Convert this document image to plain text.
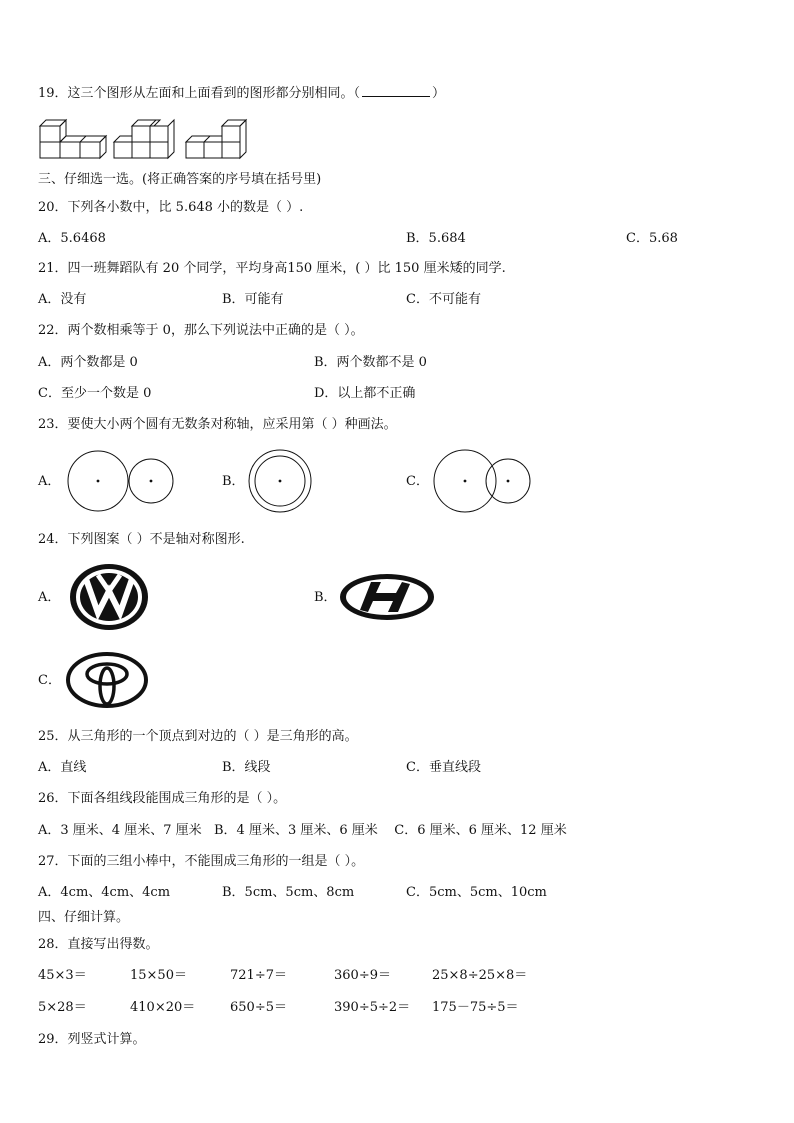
19．这三个图形从左面和上面看到的图形都分别相同。（	）
三、仔细选一选。(将正确答案的序号填在括号里)
20．下列各小数中，比 5.648 小的数是（ ）.
A．5.6468	B．5.684	C．5.68
21．四一班舞蹈队有 20 个同学，平均身高150 厘米，( ）比 150 厘米矮的同学.
A．没有	B．可能有	C．不可能有
22．两个数相乘等于 0，那么下列说法中正确的是（ ）。
A．两个数都是 0	B．两个数都不是 0
C．至少一个数是 0	D．以上都不正确
23．要使大小两个圆有无数条对称轴，应采用第（ ）种画法。
A．	B．	C．
24．下列图案（ ）不是轴对称图形.
A．	B．
C．
25．从三角形的一个顶点到对边的（ ）是三角形的高。
A．直线	B．线段	C．垂直线段
26．下面各组线段能围成三角形的是（ ）。
A．3 厘米、4 厘米、7 厘米   B．4 厘米、3 厘米、6 厘米    C．6 厘米、6 厘米、12 厘米
27．下面的三组小棒中，不能围成三角形的一组是（ ）。
A．4cm、4cm、4cm	B．5cm、5cm、8cm	C．5cm、5cm、10cm
四、仔细计算。
28．直接写出得数。
45×3＝	15×50＝	721÷7＝	360÷9＝	25×8÷25×8＝
5×28＝	410×20＝	650÷5＝	390÷5÷2＝ 175－75÷5＝
29．列竖式计算。
